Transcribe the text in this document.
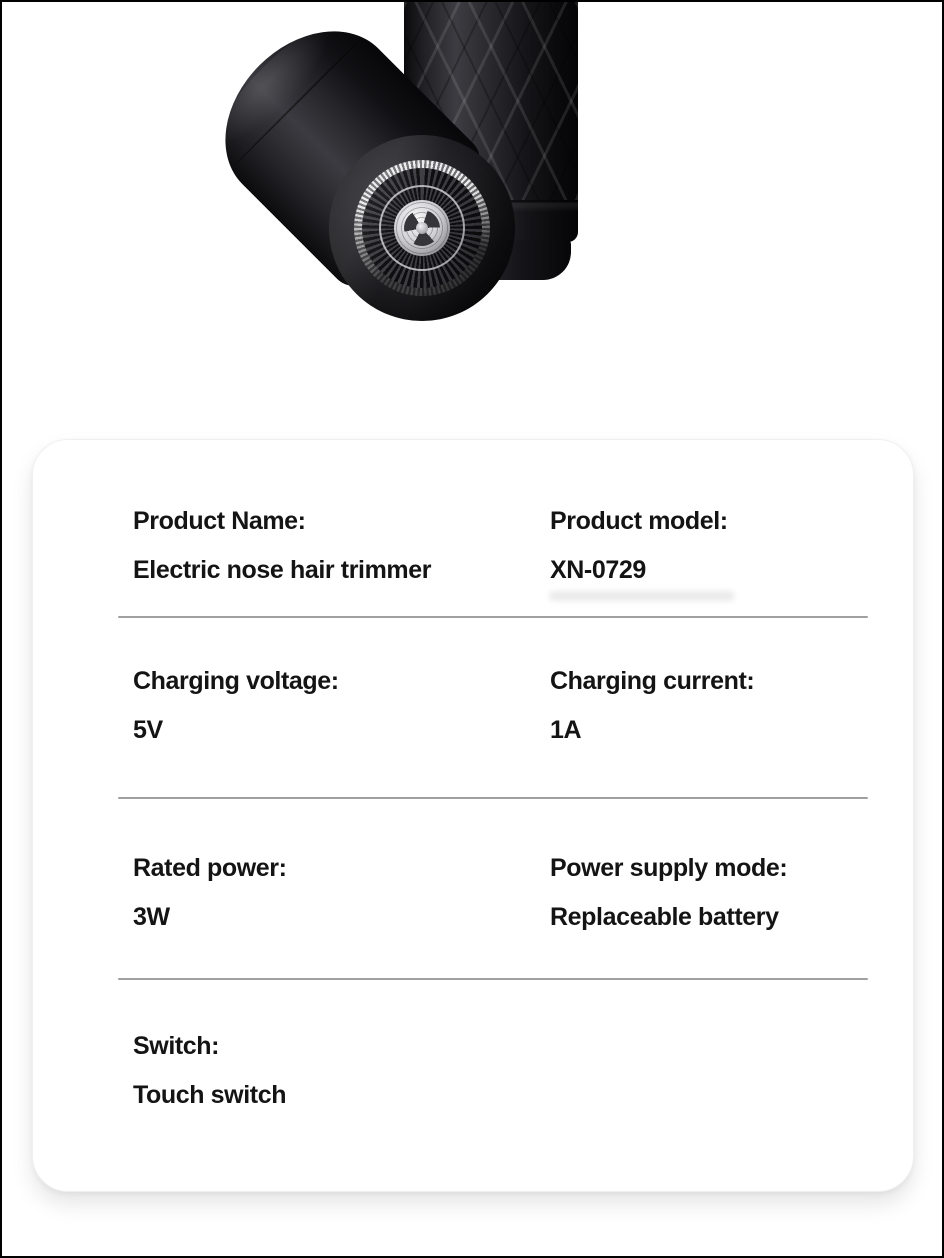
Product Name:
Electric nose hair trimmer
Product model:
XN-0729
Charging voltage:
5V
Charging current:
1A
Rated power:
3W
Power supply mode:
Replaceable battery
Switch:
Touch switch
